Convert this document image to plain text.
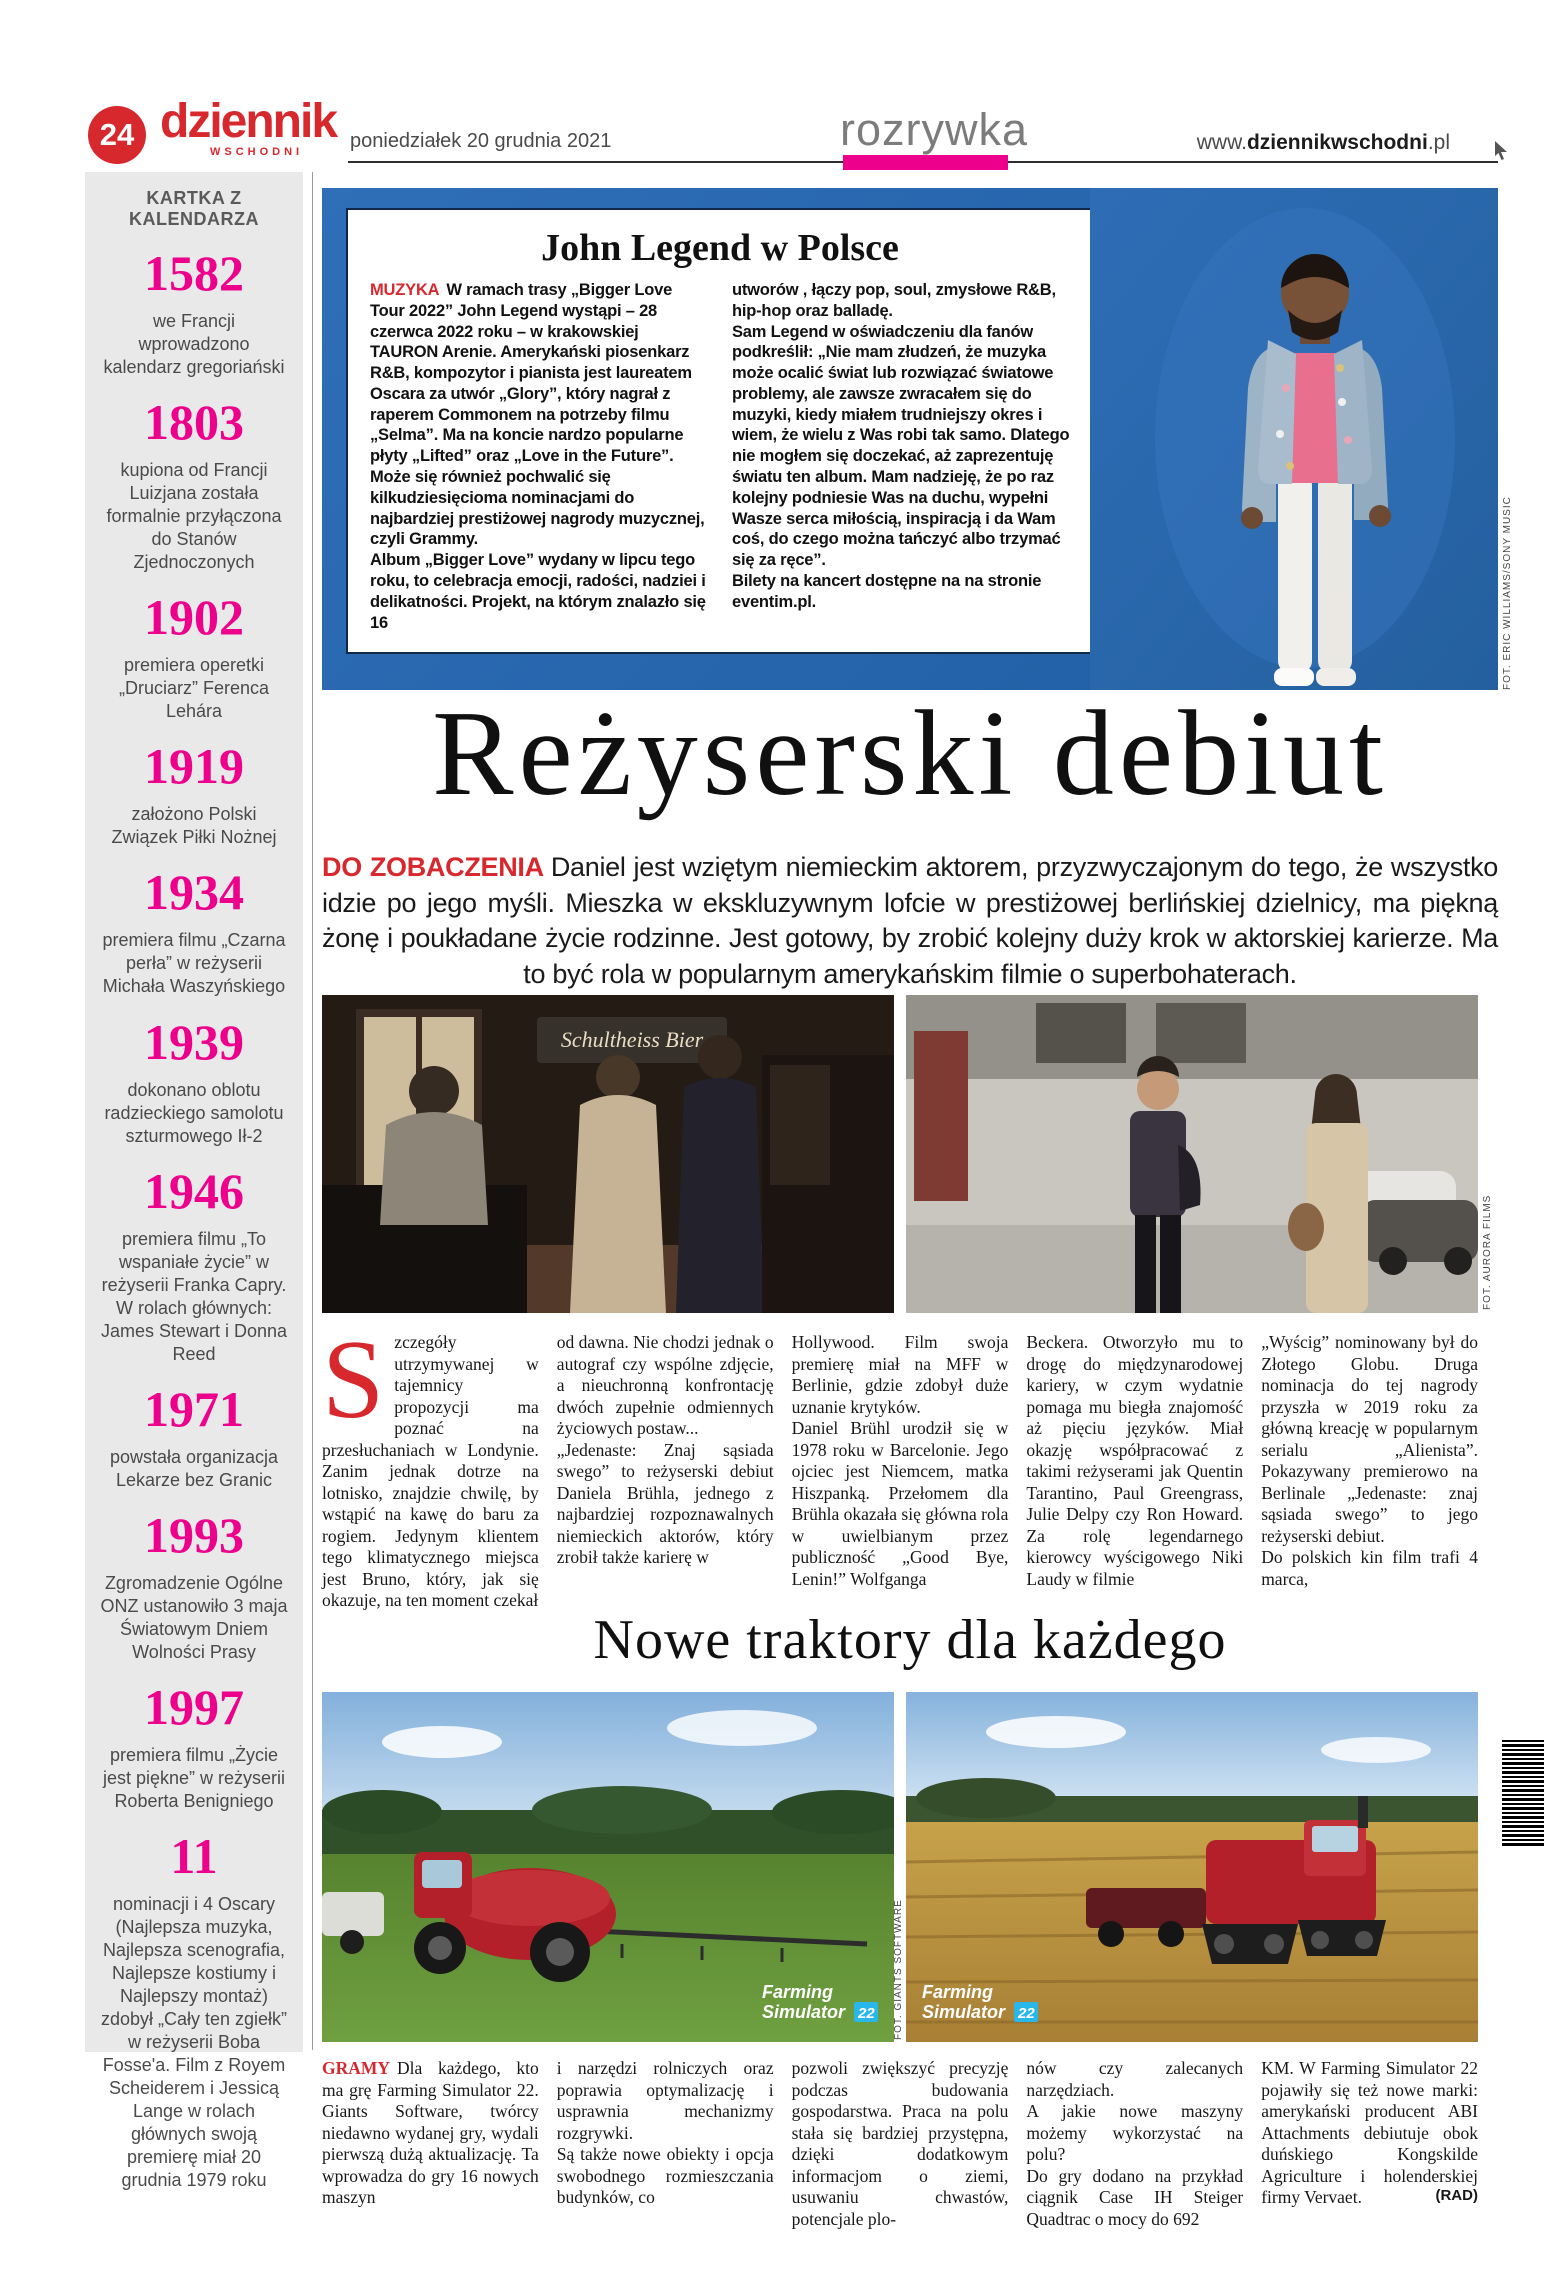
24 dziennik
WSCHODNI poniedziałek 20 grudnia 2021	rozrywka	www.dziennikwschodni.pl
KARTKA Z KALENDARZA
1582
we Francji wprowadzono kalendarz gregoriański
1803
kupiona od Francji Luizjana została formalnie przyłączona do Stanów Zjednoczonych
1902
premiera operetki „Druciarz” Ferenca Lehára
1919
założono Polski Związek Piłki Nożnej
1934
premiera filmu „Czarna perła” w reżyserii Michała Waszyńskiego
1939
dokonano oblotu radzieckiego samolotu szturmowego Ił-2
1946
premiera filmu „To wspaniałe życie” w reżyserii Franka Capry. W rolach głównych: James Stewart i Donna Reed
1971
powstała organizacja Lekarze bez Granic
1993
Zgromadzenie Ogólne ONZ ustanowiło 3 maja Światowym Dniem Wolności Prasy
1997
premiera filmu „Życie jest piękne” w reżyserii Roberta Benigniego
11
nominacji i 4 Oscary (Najlepsza muzyka, Najlepsza scenografia, Najlepsze kostiumy i Najlepszy montaż) zdobył „Cały ten zgiełk” w reżyserii Boba Fosse'a. Film z Royem Scheiderem i Jessicą Lange w rolach głównych swoją premierę miał 20 grudnia 1979 roku
John Legend w Polsce
MUZYKA W ramach trasy „Bigger Love Tour 2022” John Legend wystąpi – 28 czerwca 2022 roku – w krakowskiej TAURON Arenie. Amerykański piosenkarz R&B, kompozytor i pianista jest laureatem Oscara za utwór „Glory”, który nagrał z raperem Commonem na potrzeby filmu „Selma”. Ma na koncie nardzo popularne płyty „Lifted” oraz „Love in the Future”. Może się również pochwalić się kilkudziesięcioma nominacjami do najbardziej prestiżowej nagrody muzycznej, czyli Grammy.
Album „Bigger Love” wydany w lipcu tego roku, to celebracja emocji, radości, nadziei i delikatności. Projekt, na którym znalazło się 16
utworów , łączy pop, soul, zmysłowe R&B, hip-hop oraz balladę.
Sam Legend w oświadczeniu dla fanów podkreślił: „Nie mam złudzeń, że muzyka może ocalić świat lub rozwiązać światowe problemy, ale zawsze zwracałem się do muzyki, kiedy miałem trudniejszy okres i wiem, że wielu z Was robi tak samo. Dlatego nie mogłem się doczekać, aż zaprezentuję światu ten album. Mam nadzieję, że po raz kolejny podniesie Was na duchu, wypełni Wasze serca miłością, inspiracją i da Wam coś, do czego można tańczyć albo trzymać się za ręce”.
Bilety na kancert dostępne na na stronie eventim.pl.	FOT. ERIC WILLIAMS/SONY MUSIC
Reżyserski debiut
DO ZOBACZENIA Daniel jest wziętym niemieckim aktorem, przyzwyczajonym do tego, że wszystko idzie po jego myśli. Mieszka w ekskluzywnym lofcie w prestiżowej berlińskiej dzielnicy, ma piękną żonę i poukładane życie rodzinne. Jest gotowy, by zrobić kolejny duży krok w aktorskiej karierze. Ma to być rola w popularnym amerykańskim filmie o superbohaterach.
Schultheiss Bier
FOT. AURORA FILMS
Szczegóły utrzymywanej w tajemnicy propozycji ma poznać na przesłuchaniach w Londynie. Zanim jednak dotrze na lotnisko, znajdzie chwilę, by wstąpić na kawę do baru za rogiem. Jedynym klientem tego klimatycznego miejsca jest Bruno, który, jak się okazuje, na ten moment czekał
od dawna. Nie chodzi jednak o autograf czy wspólne zdjęcie, a nieuchronną konfrontację dwóch zupełnie odmiennych życiowych postaw...
„Jedenaste: Znaj sąsiada swego” to reżyserski debiut Daniela Brühla, jednego z najbardziej rozpoznawalnych niemieckich aktorów, który zrobił także karierę w
Hollywood. Film swoja premierę miał na MFF w Berlinie, gdzie zdobył duże uznanie krytyków.
Daniel Brühl urodził się w 1978 roku w Barcelonie. Jego ojciec jest Niemcem, matka Hiszpanką. Przełomem dla Brühla okazała się główna rola w uwielbianym przez publiczność „Good Bye, Lenin!” Wolfganga
Beckera. Otworzyło mu to drogę do międzynarodowej kariery, w czym wydatnie pomaga mu biegła znajomość aż pięciu języków. Miał okazję współpracować z takimi reżyserami jak Quentin Tarantino, Paul Greengrass, Julie Delpy czy Ron Howard. Za rolę legendarnego kierowcy wyścigowego Niki Laudy w filmie
„Wyścig” nominowany był do Złotego Globu. Druga nominacja do tej nagrody przyszła w 2019 roku za główną kreację w popularnym serialu „Alienista”. Pokazywany premierowo na Berlinale „Jedenaste: znaj sąsiada swego” to jego reżyserski debiut.
Do polskich kin film trafi 4 marca,
Nowe traktory dla każdego
Farming
Simulator 22
Farming
Simulator 22
FOT. GIANTS SOFTWARE
GRAMY Dla każdego, kto ma grę Farming Simulator 22. Giants Software, twórcy niedawno wydanej gry, wydali pierwszą dużą aktualizację. Ta wprowadza do gry 16 nowych maszyn
i narzędzi rolniczych oraz poprawia optymalizację i usprawnia mechanizmy rozgrywki.
Są także nowe obiekty i opcja swobodnego rozmieszczania budynków, co
pozwoli zwiększyć precyzję podczas budowania gospodarstwa. Praca na polu stała się bardziej przystępna, dzięki dodatkowym informacjom o ziemi, usuwaniu chwastów, potencjale plo-
nów czy zalecanych narzędziach.
A jakie nowe maszyny możemy wykorzystać na polu?
Do gry dodano na przykład ciągnik Case IH Steiger Quadtrac o mocy do 692
KM. W Farming Simulator 22 pojawiły się też nowe marki: amerykański producent ABI Attachments debiutuje obok duńskiego Kongskilde Agriculture i holenderskiej firmy Vervaet.	(RAD)
